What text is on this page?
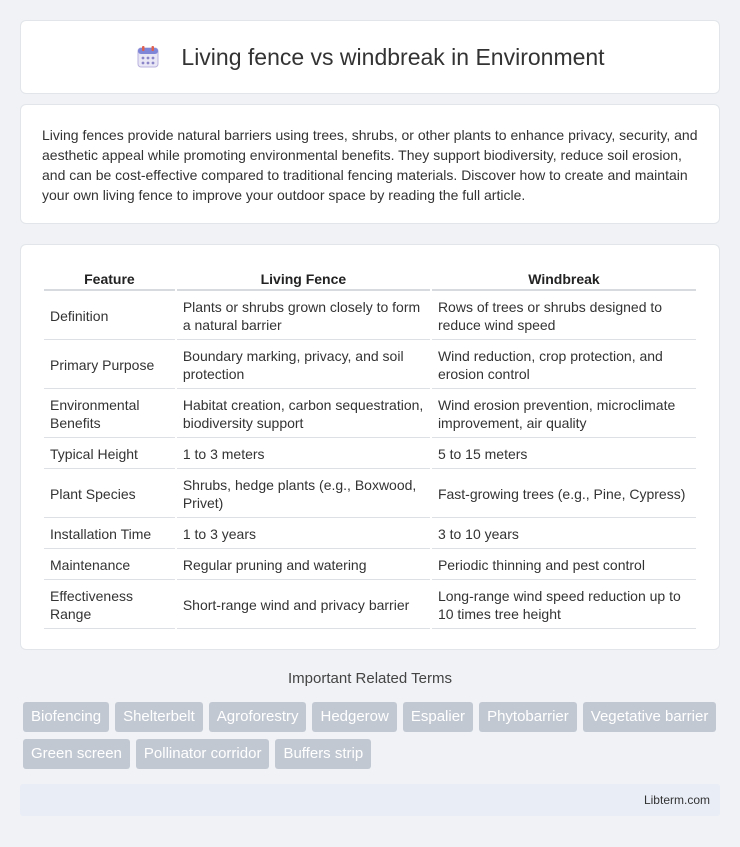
Living fence vs windbreak in Environment

Living fences provide natural barriers using trees, shrubs, or other plants to enhance privacy, security, and aesthetic appeal while promoting environmental benefits. They support biodiversity, reduce soil erosion, and can be cost-effective compared to traditional fencing materials. Discover how to create and maintain your own living fence to improve your outdoor space by reading the full article.

Feature	Living Fence	Windbreak
Definition	Plants or shrubs grown closely to form a natural barrier	Rows of trees or shrubs designed to reduce wind speed
Primary Purpose	Boundary marking, privacy, and soil protection	Wind reduction, crop protection, and erosion control
Environmental Benefits	Habitat creation, carbon sequestration, biodiversity support	Wind erosion prevention, microclimate improvement, air quality
Typical Height	1 to 3 meters	5 to 15 meters
Plant Species	Shrubs, hedge plants (e.g., Boxwood, Privet)	Fast-growing trees (e.g., Pine, Cypress)
Installation Time	1 to 3 years	3 to 10 years
Maintenance	Regular pruning and watering	Periodic thinning and pest control
Effectiveness Range	Short-range wind and privacy barrier	Long-range wind speed reduction up to 10 times tree height
Important Related Terms
Biofencing	Shelterbelt	Agroforestry	Hedgerow	Espalier	Phytobarrier	Vegetative barrier
Green screen	Pollinator corridor	Buffers strip
Libterm.com
